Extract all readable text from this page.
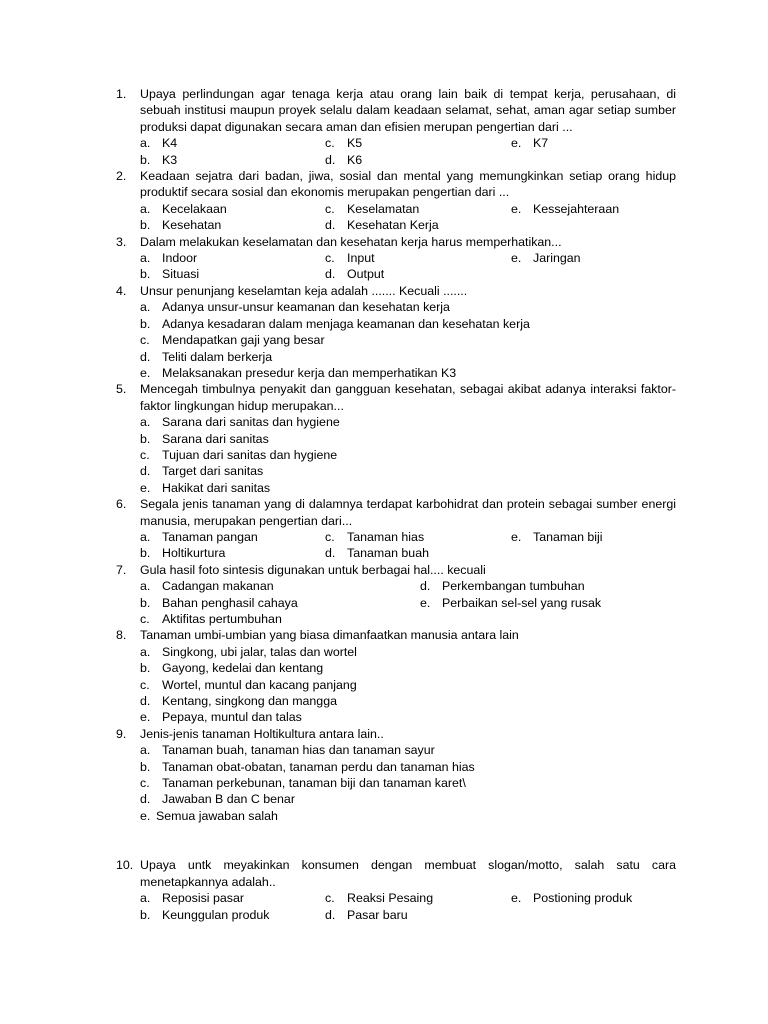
1.	Upaya perlindungan agar tenaga kerja atau orang lain baik di tempat kerja, perusahaan, di sebuah institusi maupun proyek selalu dalam keadaan selamat, sehat, aman agar setiap sumber produksi dapat digunakan secara aman dan efisien merupan pengertian dari ...
a. K4	c. K5	e. K7
b. K3	d. K6
2.	Keadaan sejatra dari badan, jiwa, sosial dan mental yang memungkinkan setiap orang hidup produktif secara sosial dan ekonomis merupakan pengertian dari ...
a. Kecelakaan	c. Keselamatan	e. Kessejahteraan
b. Kesehatan	d. Kesehatan Kerja
3.	Dalam melakukan keselamatan dan kesehatan kerja harus memperhatikan...
a. Indoor	c. Input	e. Jaringan
b. Situasi	d. Output
4.	Unsur penunjang keselamtan keja adalah ....... Kecuali .......
a. Adanya unsur-unsur keamanan dan kesehatan kerja
b. Adanya kesadaran dalam menjaga keamanan dan kesehatan kerja
c. Mendapatkan gaji yang besar
d. Teliti dalam berkerja
e. Melaksanakan presedur kerja dan memperhatikan K3
5.	Mencegah timbulnya penyakit dan gangguan kesehatan, sebagai akibat adanya interaksi faktor-faktor lingkungan hidup merupakan...
a. Sarana dari sanitas dan hygiene
b. Sarana dari sanitas
c. Tujuan dari sanitas dan hygiene
d. Target dari sanitas
e. Hakikat dari sanitas
6.	Segala jenis tanaman yang di dalamnya terdapat karbohidrat dan protein sebagai sumber energi manusia, merupakan pengertian dari...
a. Tanaman pangan	c. Tanaman hias	e. Tanaman biji
b. Holtikurtura	d. Tanaman buah
7.	Gula hasil foto sintesis digunakan untuk berbagai hal.... kecuali
a. Cadangan makanan	d. Perkembangan tumbuhan
b. Bahan penghasil cahaya	e. Perbaikan sel-sel yang rusak
c. Aktifitas pertumbuhan
8.	Tanaman umbi-umbian yang biasa dimanfaatkan manusia antara lain
a. Singkong, ubi jalar, talas dan wortel
b. Gayong, kedelai dan kentang
c. Wortel, muntul dan kacang panjang
d. Kentang, singkong dan mangga
e. Pepaya, muntul dan talas
9.	Jenis-jenis tanaman Holtikultura antara lain..
a. Tanaman buah, tanaman hias dan tanaman sayur
b. Tanaman obat-obatan, tanaman perdu dan tanaman hias
c. Tanaman perkebunan, tanaman biji dan tanaman karet\
d. Jawaban B dan C benar
e. Semua jawaban salah
10. Upaya untk meyakinkan konsumen dengan membuat slogan/motto, salah satu cara menetapkannya adalah..
a. Reposisi pasar	c. Reaksi Pesaing	e. Postioning produk
b. Keunggulan produk	d. Pasar baru
